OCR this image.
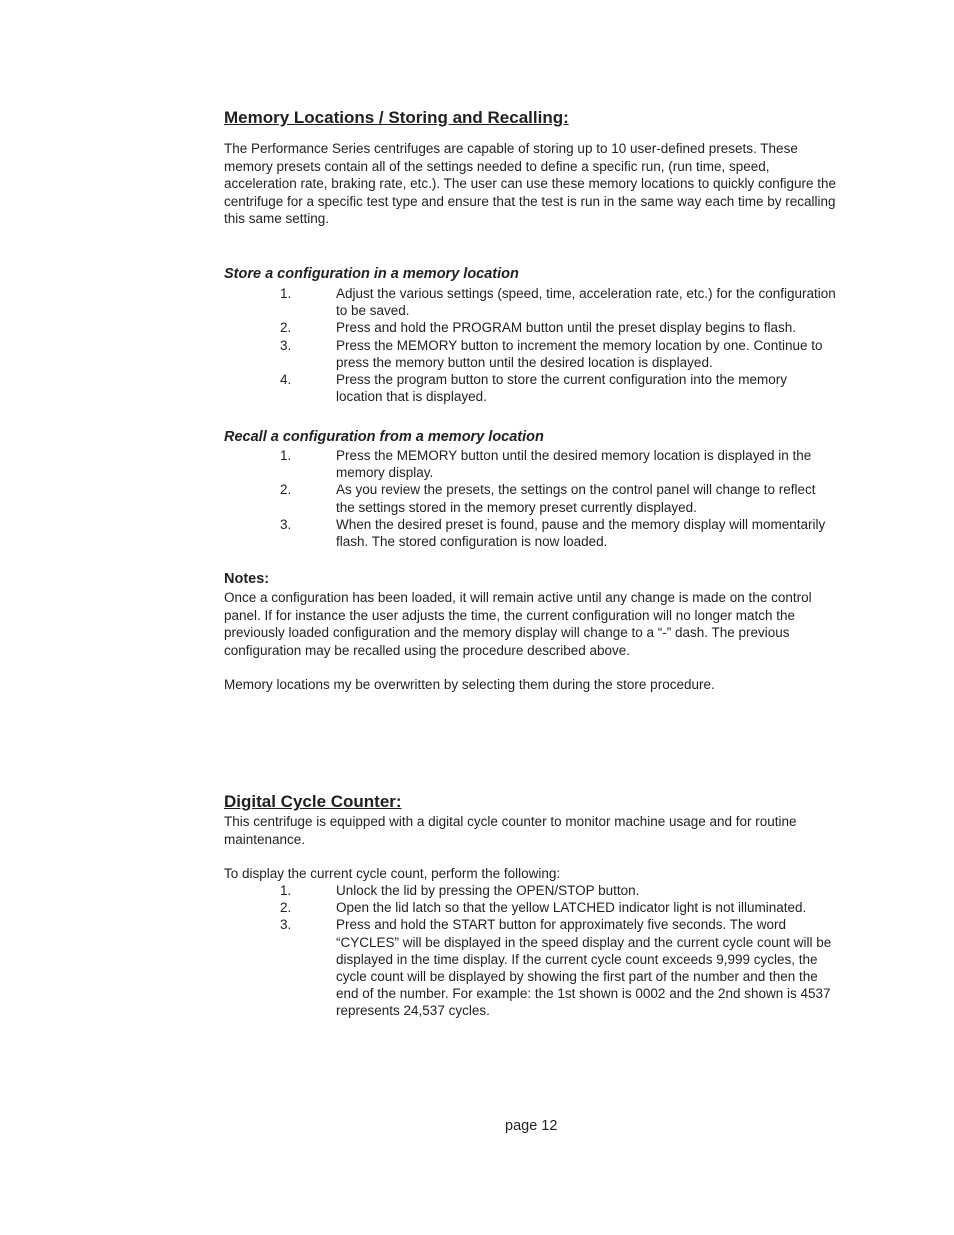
Memory Locations / Storing and Recalling:

The Performance Series centrifuges are capable of storing up to 10 user-defined presets. These memory presets contain all of the settings needed to define a specific run, (run time, speed, acceleration rate, braking rate, etc.). The user can use these memory locations to quickly configure the centrifuge for a specific test type and ensure that the test is run in the same way each time by recalling this same setting.

Store a configuration in a memory location
1.	Adjust the various settings (speed, time, acceleration rate, etc.) for the configuration to be saved.
2.	Press and hold the PROGRAM button until the preset display begins to flash.
3.	Press the MEMORY button to increment the memory location by one. Continue to press the memory button until the desired location is displayed.
4.	Press the program button to store the current configuration into the memory location that is displayed.
Recall a configuration from a memory location
1.	Press the MEMORY button until the desired memory location is displayed in the memory display.
2.	As you review the presets, the settings on the control panel will change to reflect the settings stored in the memory preset currently displayed.
3.	When the desired preset is found, pause and the memory display will momentarily flash. The stored configuration is now loaded.
Notes:

Once a configuration has been loaded, it will remain active until any change is made on the control panel. If for instance the user adjusts the time, the current configuration will no longer match the previously loaded configuration and the memory display will change to a “-” dash. The previous configuration may be recalled using the procedure described above.

Memory locations my be overwritten by selecting them during the store procedure.

Digital Cycle Counter:

This centrifuge is equipped with a digital cycle counter to monitor machine usage and for routine maintenance.

To display the current cycle count, perform the following:

1.	Unlock the lid by pressing the OPEN/STOP button.
2.	Open the lid latch so that the yellow LATCHED indicator light is not illuminated.
3.	Press and hold the START button for approximately five seconds. The word “CYCLES” will be displayed in the speed display and the current cycle count will be displayed in the time display. If the current cycle count exceeds 9,999 cycles, the cycle count will be displayed by showing the first part of the number and then the end of the number. For example: the 1st shown is 0002 and the 2nd shown is 4537 represents 24,537 cycles.
page 12
